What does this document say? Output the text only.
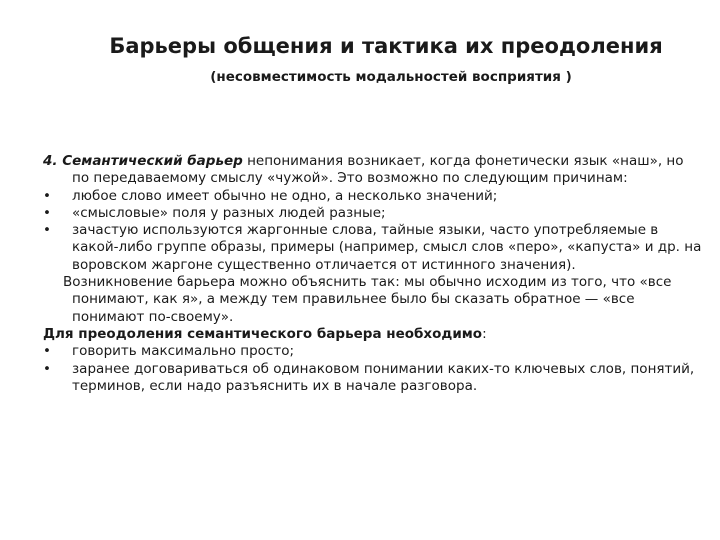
Барьеры общения и тактика их преодоления
(несовместимость модальностей восприятия )

4. Семантический барьер непонимания возникает, когда фонетически язык «наш», но по передаваемому смыслу «чужой». Это возможно по следующим причинам:

•	любое слово имеет обычно не одно, а несколько значений;
•	«смысловые» поля у разных людей разные;
•	зачастую используются жаргонные слова, тайные языки, часто употребляемые в какой-либо группе образы, примеры (например, смысл слов «перо», «капуста» и др. на воровском жаргоне существенно отличается от истинного значения).

Возникновение барьера можно объяснить так: мы обычно исходим из того, что «все понимают, как я», а между тем правильнее было бы сказать обратное — «все понимают по-своему».

Для преодоления семантического барьера необходимо:

•	говорить максимально просто;
•	заранее договариваться об одинаковом понимании каких-то ключевых слов, понятий, терминов, если надо разъяснить их в начале разговора.
